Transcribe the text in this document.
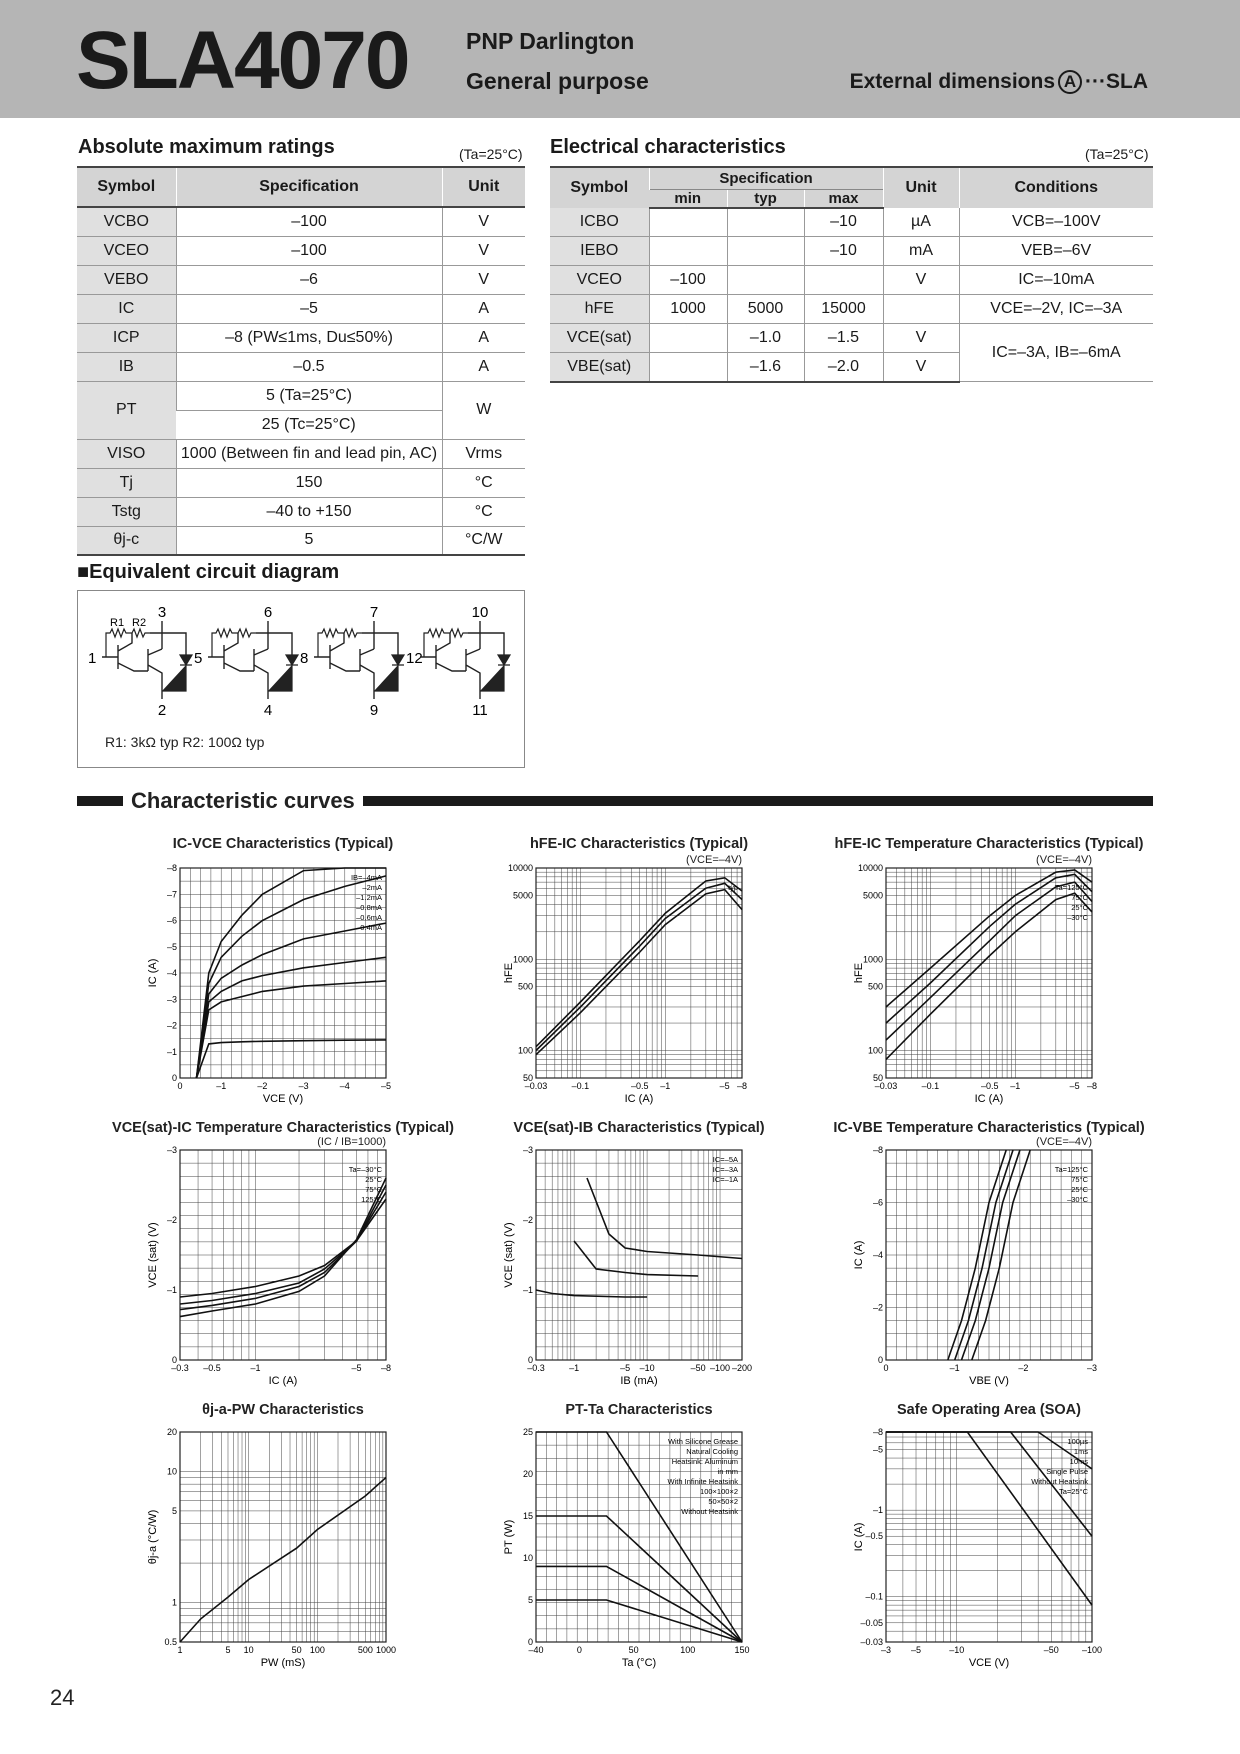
SLA4070	PNP Darlington
General purpose	External dimensions A ···SLA
Absolute maximum ratings	(Ta=25°C)
Symbol	Specification	Unit
VCBO	–100	V
VCEO	–100	V
VEBO	–6	V
IC	–5	A
ICP	–8 (PW≤1ms, Du≤50%)	A
IB	–0.5	A
PT	5 (Ta=25°C)	W
	25 (Tc=25°C)	
VISO	1000 (Between fin and lead pin, AC)	Vrms
Tj	150	°C
Tstg	–40 to +150	°C
θj-c	5	°C/W
Electrical characteristics	(Ta=25°C)
Symbol	Specification			Unit	Conditions
	min	typ	max		
ICBO			–10	µA	VCB=–100V
IEBO			–10	mA	VEB=–6V
VCEO	–100			V	IC=–10mA
hFE	1000	5000	15000		VCE=–2V, IC=–3A
VCE(sat)		–1.0	–1.5	V	IC=–3A, IB=–6mA
VBE(sat)		–1.6	–2.0	V	
■Equivalent circuit diagram
3
1
2
R1 R2
6
5
4
7
8
9
10
12
11
R1: 3kΩ typ R2: 100Ω typ
Characteristic curves
IC-VCE Characteristics (Typical)
0	–1	–2	–3	–4	–5
0
–1
–2
–3
–4
–5
–6
–7
–8
VCE (V)
IC (A)
IB=–4mA
–2mA
–1.2mA
–0.8mA
–0.6mA
–0.4mA
hFE-IC Characteristics (Typical)
(VCE=–4V)
–0.03	–0.1	–0.5 –1	–5 –8
50
100
500
1000
5000
10000
IC (A)
hFE
typ
hFE-IC Temperature Characteristics (Typical)
(VCE=–4V)
–0.03	–0.1	–0.5 –1	–5 –8
50
100
500
1000
5000
10000
IC (A)
hFE
Ta=125°C
75°C
25°C
–30°C
VCE(sat)-IC Temperature Characteristics (Typical)
(IC / IB=1000)
–0.3 –0.5	–1	–5 –8
0
–1
–2
–3
IC (A)
VCE (sat) (V)
Ta=–30°C
25°C
75°C
125°C
VCE(sat)-IB Characteristics (Typical)
–0.3	–1	–5 –10	–50 –100 –200
0
–1
–2
–3
IB (mA)
VCE (sat) (V)
IC=–5A
IC=–3A
IC=–1A
IC-VBE Temperature Characteristics (Typical)
(VCE=–4V)
0	–1	–2	–3
0
–2
–4
–6
–8
VBE (V)
IC (A)
Ta=125°C
75°C
25°C
–30°C
θj-a-PW Characteristics
1	5 10	50 100	500 1000
0.5
1
5
10
20
PW (mS)
θj-a (°C/W)
PT-Ta Characteristics
–40	0	50	100	150
0
5
10
15
20
25
Ta (°C)
PT (W)
With Silicone Grease
Natural Cooling
Heatsink: Aluminum
in mm
With Infinite Heatsink
100×100×2
50×50×2
Without Heatsink
Safe Operating Area (SOA)
–3 –5	–10	–50	–100
–0.03
–0.05
–0.1
–0.5
–1
–5
–8
VCE (V)
IC (A)
100µs
1ms
10ms
Single Pulse
Without Heatsink
Ta=25°C
24
